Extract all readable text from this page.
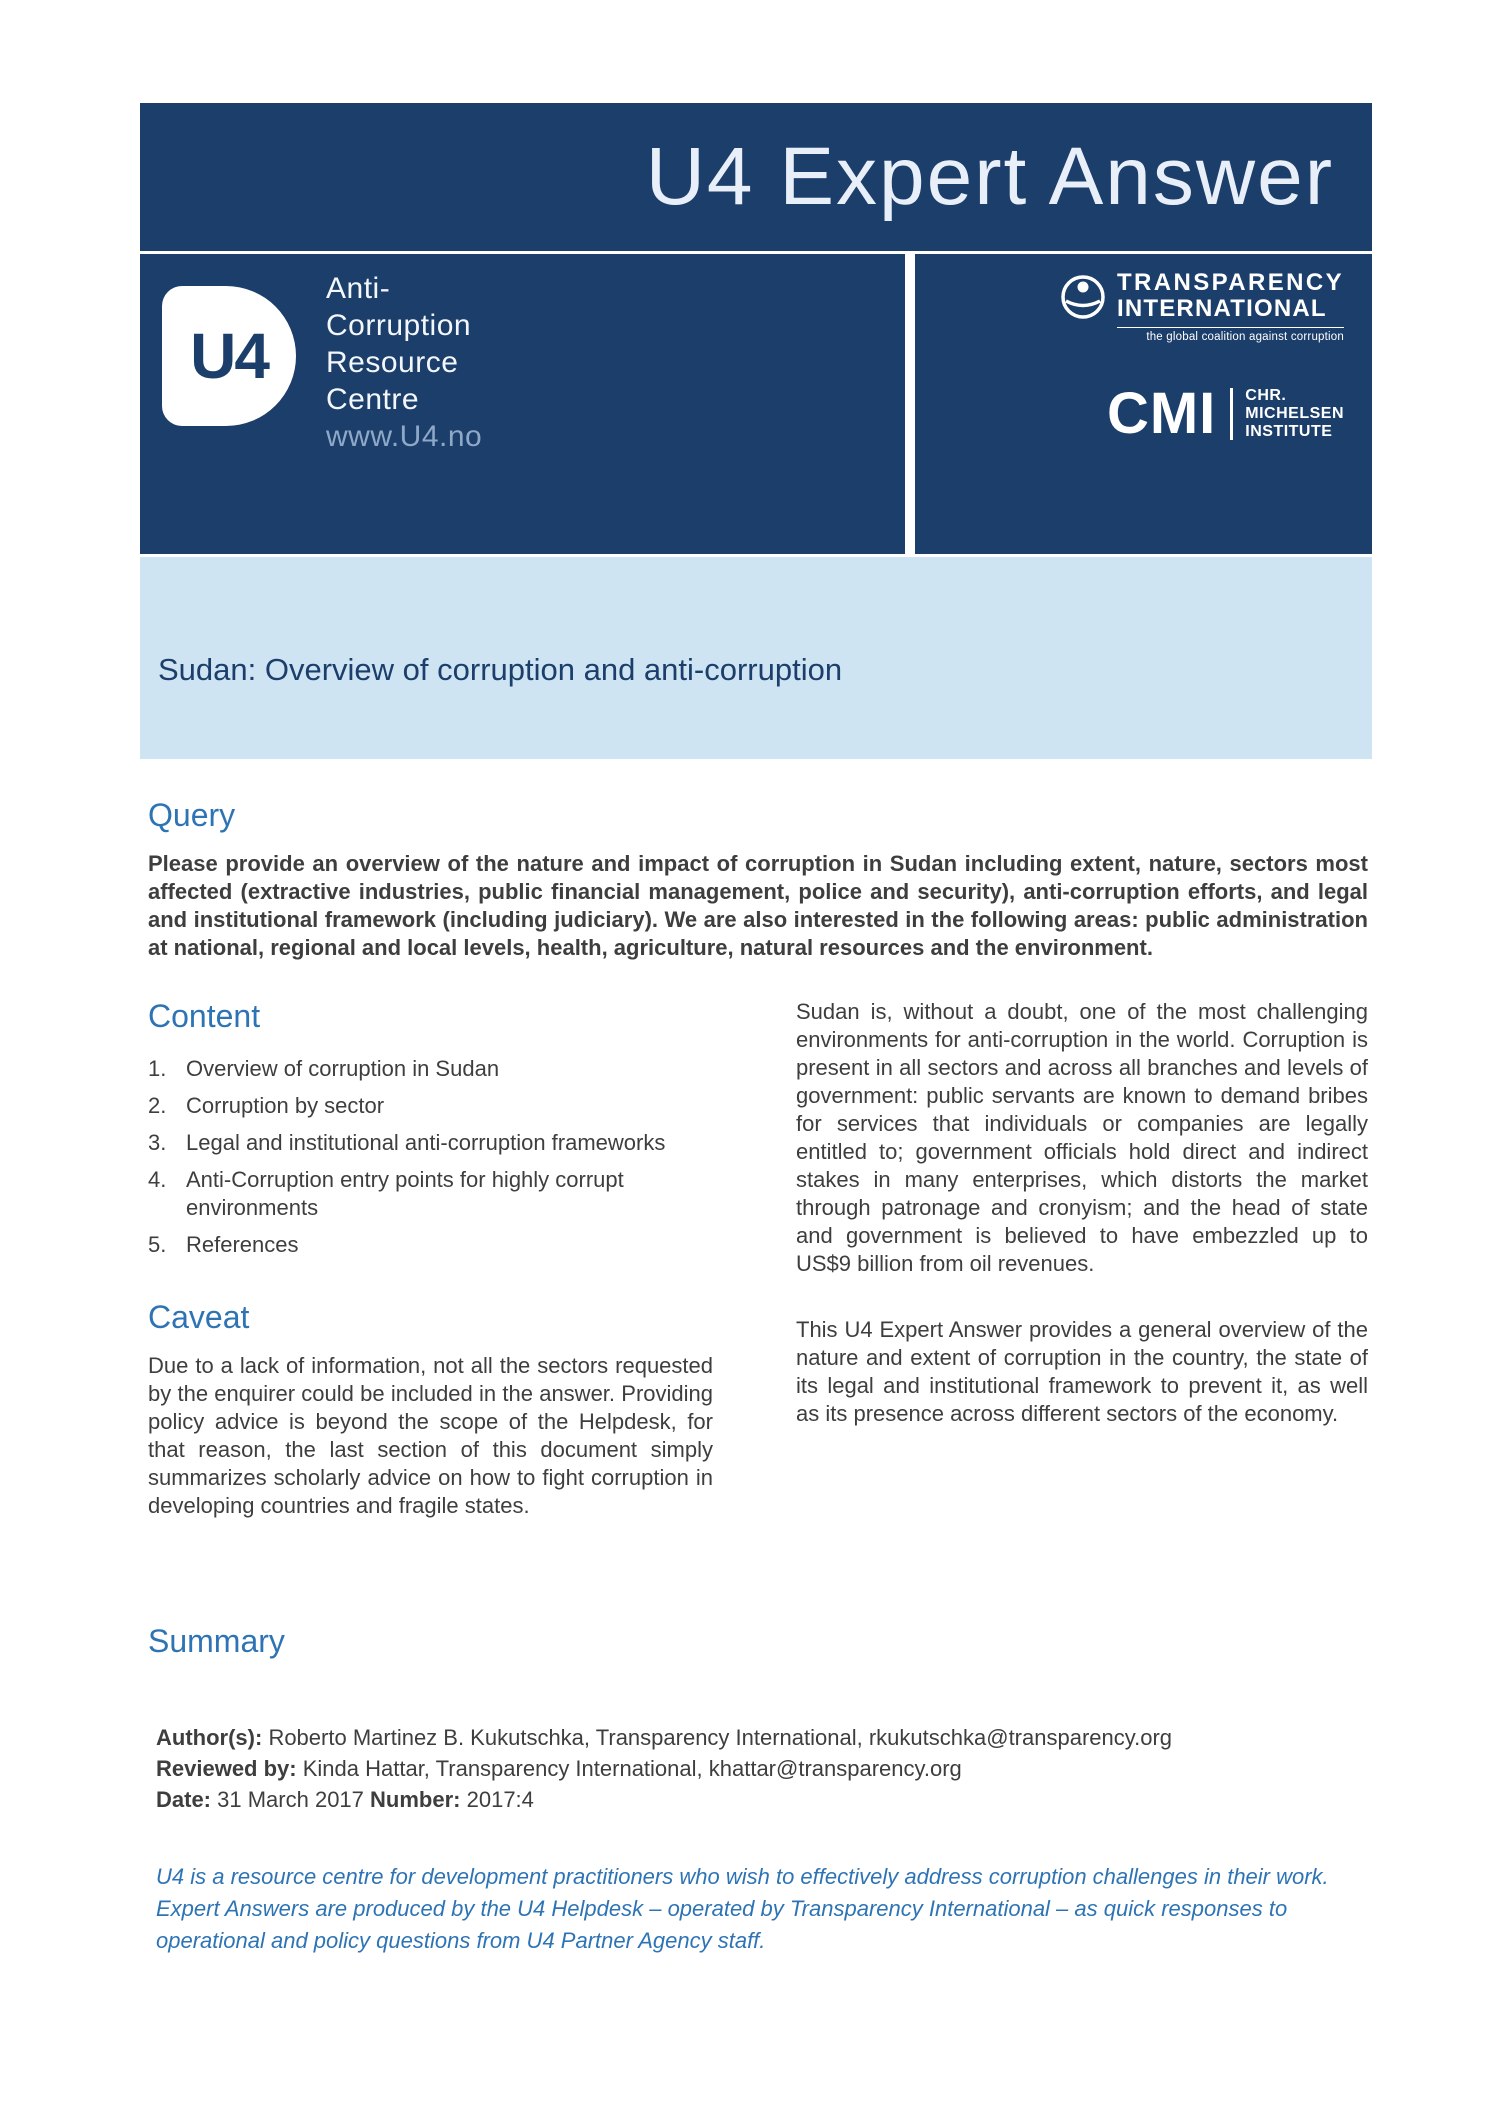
U4 Expert Answer
U4
Anti-
Corruption
Resource
Centre
www.U4.no
TRANSPARENCY
INTERNATIONAL
the global coalition against corruption
CMI CHR.
MICHELSEN
INSTITUTE
Sudan: Overview of corruption and anti-corruption
Query

Please provide an overview of the nature and impact of corruption in Sudan including extent, nature, sectors most affected (extractive industries, public financial management, police and security), anti-corruption efforts, and legal and institutional framework (including judiciary). We are also interested in the following areas: public administration at national, regional and local levels, health, agriculture, natural resources and the environment.

Content
1. Overview of corruption in Sudan
2. Corruption by sector
3. Legal and institutional anti-corruption frameworks
4. Anti-Corruption entry points for highly corrupt environments
5. References
Caveat

Due to a lack of information, not all the sectors requested by the enquirer could be included in the answer. Providing policy advice is beyond the scope of the Helpdesk, for that reason, the last section of this document simply summarizes scholarly advice on how to fight corruption in developing countries and fragile states.

Sudan is, without a doubt, one of the most challenging environments for anti-corruption in the world. Corruption is present in all sectors and across all branches and levels of government: public servants are known to demand bribes for services that individuals or companies are legally entitled to; government officials hold direct and indirect stakes in many enterprises, which distorts the market through patronage and cronyism; and the head of state and government is believed to have embezzled up to US$9 billion from oil revenues.

This U4 Expert Answer provides a general overview of the nature and extent of corruption in the country, the state of its legal and institutional framework to prevent it, as well as its presence across different sectors of the economy.

Summary
Author(s): Roberto Martinez B. Kukutschka, Transparency International, rkukutschka@transparency.org
Reviewed by: Kinda Hattar, Transparency International, khattar@transparency.org
Date: 31 March 2017 Number: 2017:4

U4 is a resource centre for development practitioners who wish to effectively address corruption challenges in their work. Expert Answers are produced by the U4 Helpdesk – operated by Transparency International – as quick responses to operational and policy questions from U4 Partner Agency staff.
